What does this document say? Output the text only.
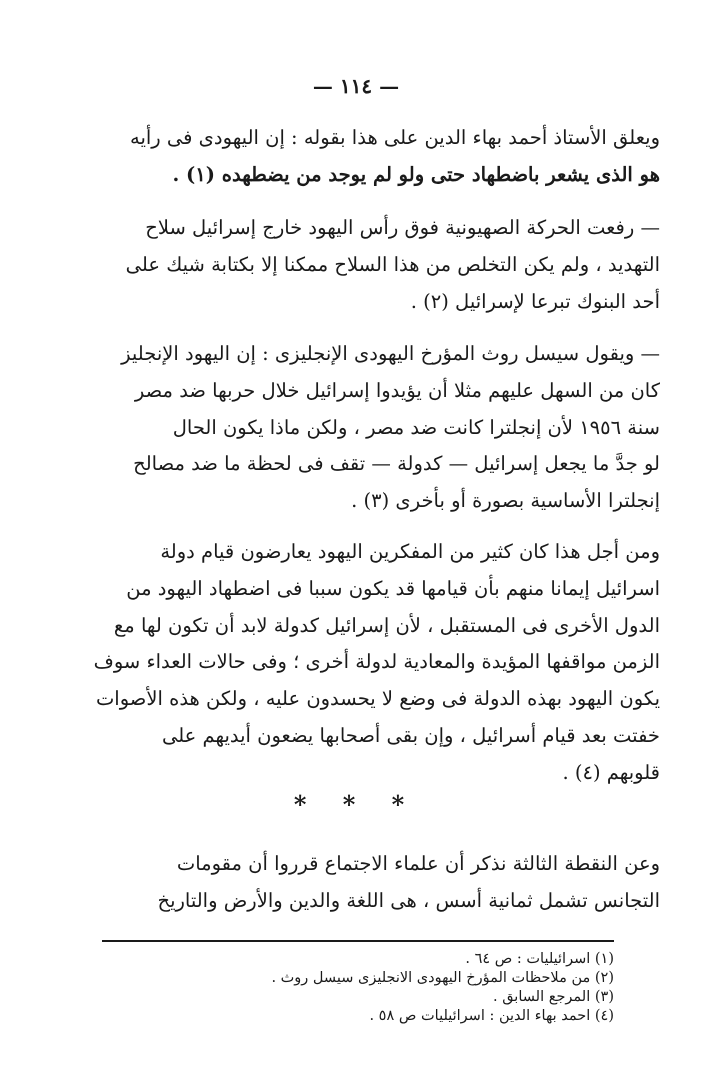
— ١١٤ —
ويعلق الأستاذ أحمد بهاء الدين على هذا بقوله : إن اليهودى فى رأيه
هو الذى يشعر باضطهاد حتى ولو لم يوجد من يضطهده (١) .
— رفعت الحركة الصهيونية فوق رأس اليهود خارج إسرائيل سلاح
التهديد ، ولم يكن التخلص من هذا السلاح ممكنا إلا بكتابة شيك على
أحد البنوك تبرعا لإسرائيل (٢) .
— ويقول سيسل روث المؤرخ اليهودى الإنجليزى : إن اليهود الإنجليز
كان من السهل عليهم مثلا أن يؤيدوا إسرائيل خلال حربها ضد مصر
سنة ١٩٥٦ لأن إنجلترا كانت ضد مصر ، ولكن ماذا يكون الحال
لو جدَّ ما يجعل إسرائيل — كدولة — تقف فى لحظة ما ضد مصالح
إنجلترا الأساسية بصورة أو بأخرى (٣) .
ومن أجل هذا كان كثير من المفكرين اليهود يعارضون قيام دولة
اسرائيل إيمانا منهم بأن قيامها قد يكون سببا فى اضطهاد اليهود من
الدول الأخرى فى المستقبل ، لأن إسرائيل كدولة لابد أن تكون لها مع
الزمن مواقفها المؤيدة والمعادية لدولة أخرى ؛ وفى حالات العداء سوف
يكون اليهود بهذه الدولة فى وضع لا يحسدون عليه ، ولكن هذه الأصوات
خفتت بعد قيام أسرائيل ، وإن بقى أصحابها يضعون أيديهم على
قلوبهم (٤) .
* * *
وعن النقطة الثالثة نذكر أن علماء الاجتماع قرروا أن مقومات
التجانس تشمل ثمانية أسس ، هى اللغة والدين والأرض والتاريخ
(١) اسرائيليات : ص ٦٤ .
(٢) من ملاحظات المؤرخ اليهودى الانجليزى سيسل روث .
(٣) المرجع السابق .
(٤) احمد بهاء الدين : اسرائيليات ص ٥٨ .
